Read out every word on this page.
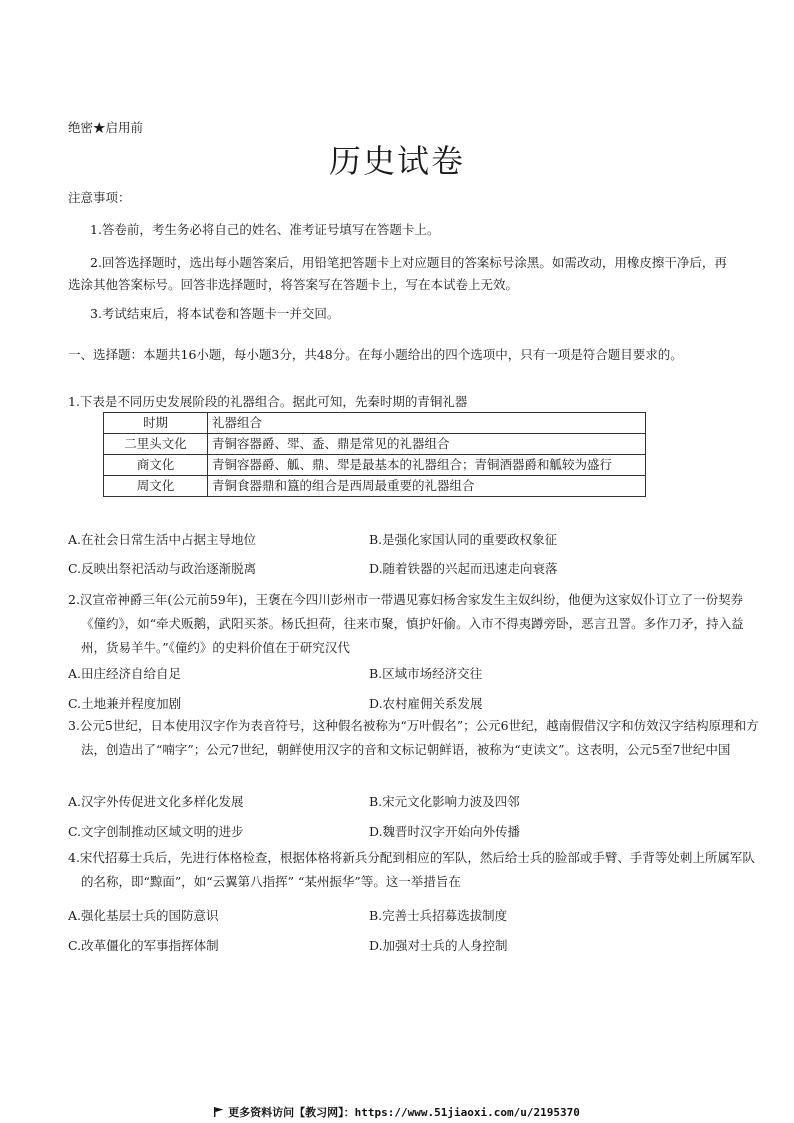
绝密★启用前
历史试卷
注意事项：
1.答卷前，考生务必将自己的姓名、准考证号填写在答题卡上。
2.回答选择题时，选出每小题答案后，用铅笔把答题卡上对应题目的答案标号涂黑。如需改动，用橡皮擦干净后，再选涂其他答案标号。回答非选择题时，将答案写在答题卡上，写在本试卷上无效。
3.考试结束后，将本试卷和答题卡一并交回。
一、选择题：本题共16小题，每小题3分，共48分。在每小题给出的四个选项中，只有一项是符合题目要求的。
1.下表是不同历史发展阶段的礼器组合。据此可知，先秦时期的青铜礼器
时期	礼器组合
二里头文化	青铜容器爵、斝、盉、鼎是常见的礼器组合
商文化	青铜容器爵、觚、鼎、斝是最基本的礼器组合；青铜酒器爵和觚较为盛行
周文化	青铜食器鼎和簋的组合是西周最重要的礼器组合
A.在社会日常生活中占据主导地位	B.是强化家国认同的重要政权象征
C.反映出祭祀活动与政治逐渐脱离	D.随着铁器的兴起而迅速走向衰落
2.汉宣帝神爵三年(公元前59年)，王褒在今四川彭州市一带遇见寡妇杨舍家发生主奴纠纷，他便为这家奴仆订立了一份契券《僮约》，如“牵犬贩鹅，武阳买茶。杨氏担荷，往来市聚，慎护奸偷。入市不得夷蹲旁卧，恶言丑詈。多作刀矛，持入益州，货易羊牛。”《僮约》的史料价值在于研究汉代
A.田庄经济自给自足	B.区域市场经济交往
C.土地兼并程度加剧	D.农村雇佣关系发展
3.公元5世纪，日本使用汉字作为表音符号，这种假名被称为“万叶假名”；公元6世纪，越南假借汉字和仿效汉字结构原理和方法，创造出了“喃字”；公元7世纪，朝鲜使用汉字的音和文标记朝鲜语，被称为“吏读文”。这表明，公元5至7世纪中国
A.汉字外传促进文化多样化发展	B.宋元文化影响力波及四邻
C.文字创制推动区域文明的进步	D.魏晋时汉字开始向外传播
4.宋代招募士兵后，先进行体格检查，根据体格将新兵分配到相应的军队，然后给士兵的脸部或手臂、手背等处刺上所属军队的名称，即“黥面”，如“云翼第八指挥” “某州振华”等。这一举措旨在
A.强化基层士兵的国防意识	B.完善士兵招募选拔制度
C.改革僵化的军事指挥体制	D.加强对士兵的人身控制
更多资料访问【教习网】：https://www.51jiaoxi.com/u/2195370
